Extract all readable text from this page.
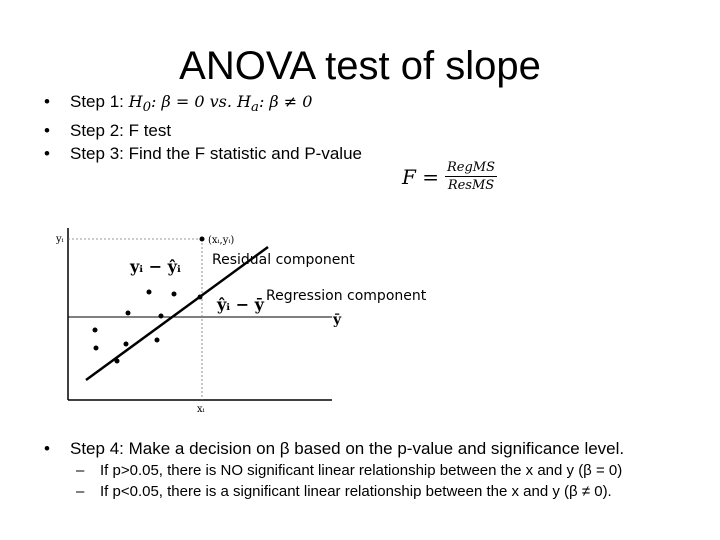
ANOVA test of slope
• Step 1: $H_0$: β = 0 vs. $H_a$: β ≠ 0
• Step 2: F test
• Step 3: Find the F statistic and P-value
$F = \frac{\text{RegMS}}{\text{ResMS}}$
yᵢ
xᵢ
(xᵢ,yᵢ)
yᵢ − ŷᵢ
ŷᵢ − ȳ
ȳ
Residual component
Regression component
• Step 4: Make a decision on β based on the p-value and significance level.
– If p>0.05, there is NO significant linear relationship between the x and y (β = 0)
– If p<0.05, there is a significant linear relationship between the x and y (β ≠ 0).
